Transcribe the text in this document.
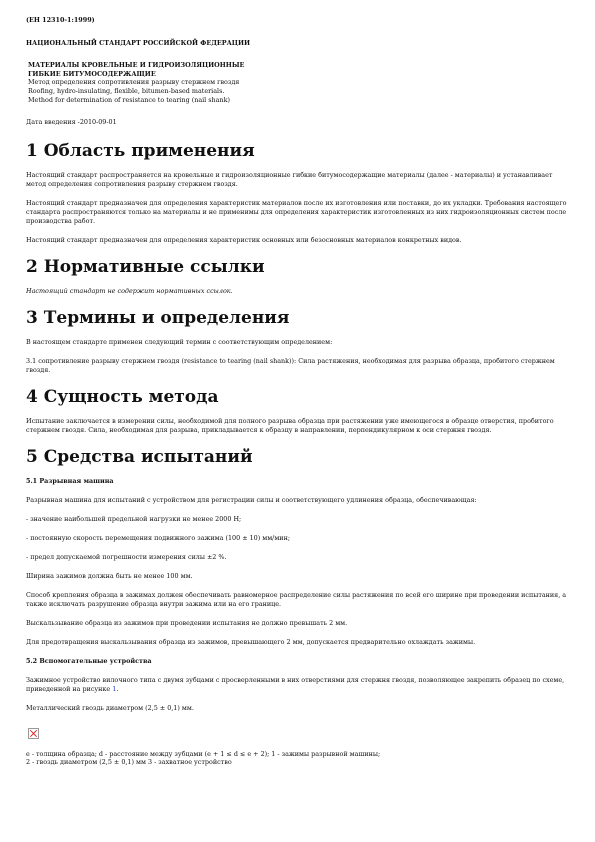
(ЕН 12310-1:1999)

НАЦИОНАЛЬНЫЙ СТАНДАРТ РОССИЙСКОЙ ФЕДЕРАЦИИ

МАТЕРИАЛЫ КРОВЕЛЬНЫЕ И ГИДРОИЗОЛЯЦИОННЫЕ

ГИБКИЕ БИТУМОСОДЕРЖАЩИЕ

Метод определения сопротивления разрыву стержнем гвоздя

Roofing, hydro-insulating, flexible, bitumen-based materials.

Method for determination of resistance to tearing (nail shank)

Дата введения -2010-09-01

1 Область применения

Настоящий стандарт распространяется на кровельные и гидроизоляционные гибкие битумосодержащие материалы (далее - материалы) и устанавливает метод определения сопротивления разрыву стержнем гвоздя.

Настоящий стандарт предназначен для определения характеристик материалов после их изготовления или поставки, до их укладки. Требования настоящего стандарта распространяются только на материалы и не применимы для определения характеристик изготовленных из них гидроизоляционных систем после производства работ.

Настоящий стандарт предназначен для определения характеристик основных или безосновных материалов конкретных видов.

2 Нормативные ссылки

Настоящий стандарт не содержит нормативных ссылок.

3 Термины и определения

В настоящем стандарте применен следующий термин с соответствующим определением:

3.1 сопротивление разрыву стержнем гвоздя (resistance to tearing (nail shank)): Сила растяжения, необходимая для разрыва образца, пробитого стержнем гвоздя.

4 Сущность метода

Испытание заключается в измерении силы, необходимой для полного разрыва образца при растяжении уже имеющегося в образце отверстия, пробитого стержнем гвоздя. Сила, необходимая для разрыва, прикладывается к образцу в направлении, перпендикулярном к оси стержня гвоздя.

5 Средства испытаний

5.1 Разрывная машина

Разрывная машина для испытаний с устройством для регистрации силы и соответствующего удлинения образца, обеспечивающая:

- значение наибольшей предельной нагрузки не менее 2000 Н;

- постоянную скорость перемещения подвижного зажима (100 ± 10) мм/мин;

- предел допускаемой погрешности измерения силы ±2 %.

Ширина зажимов должна быть не менее 100 мм.

Способ крепления образца в зажимах должен обеспечивать равномерное распределение силы растяжения по всей его ширине при проведении испытания, а также исключать разрушение образца внутри зажима или на его границе.

Выскальзывание образца из зажимов при проведении испытания не должно превышать 2 мм.

Для предотвращения выскальзывания образца из зажимов, превышающего 2 мм, допускается предварительно охлаждать зажимы.

5.2 Вспомогательные устройства

Зажимное устройство вилочного типа с двумя зубцами с просверленными в них отверстиями для стержня гвоздя, позволяющее закрепить образец по схеме, приведенной на рисунке 1.

Металлический гвоздь диаметром (2,5 ± 0,1) мм.

е - толщина образца; d - расстояние между зубцами (е + 1 ≤ d ≤ е + 2); 1 - зажимы разрывной машины;

2 - гвоздь диаметром (2,5 ± 0,1) мм 3 - захватное устройство
